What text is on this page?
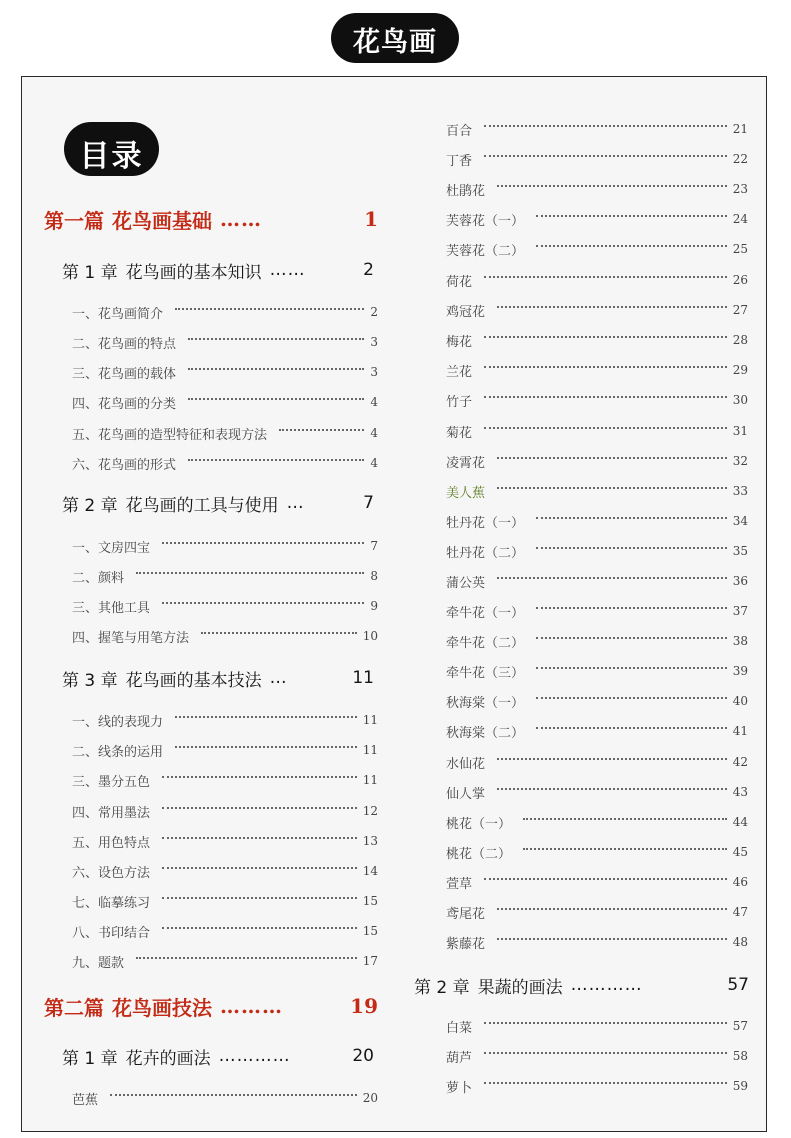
花鸟画
目录
第一篇 花鸟画基础 ……	1
第 1 章 花鸟画的基本知识 ……	2
一、花鸟画简介	2
二、花鸟画的特点	3
三、花鸟画的载体	3
四、花鸟画的分类	4
五、花鸟画的造型特征和表现方法	4
六、花鸟画的形式	4
第 2 章 花鸟画的工具与使用 …	7
一、文房四宝	7
二、颜料	8
三、其他工具	9
四、握笔与用笔方法	10
第 3 章 花鸟画的基本技法 …	11
一、线的表现力	11
二、线条的运用	11
三、墨分五色	11
四、常用墨法	12
五、用色特点	13
六、设色方法	14
七、临摹练习	15
八、书印结合	15
九、题款	17
第二篇 花鸟画技法 ………	19
第 1 章 花卉的画法 …………	20
芭蕉	20
百合	21
丁香	22
杜鹃花	23
芙蓉花（一）	24
芙蓉花（二）	25
荷花	26
鸡冠花	27
梅花	28
兰花	29
竹子	30
菊花	31
凌霄花	32
美人蕉	33
牡丹花（一）	34
牡丹花（二）	35
蒲公英	36
牵牛花（一）	37
牵牛花（二）	38
牵牛花（三）	39
秋海棠（一）	40
秋海棠（二）	41
水仙花	42
仙人掌	43
桃花（一）	44
桃花（二）	45
萱草	46
鸢尾花	47
紫藤花	48
第 2 章 果蔬的画法 …………	57
白菜	57
葫芦	58
萝卜	59
